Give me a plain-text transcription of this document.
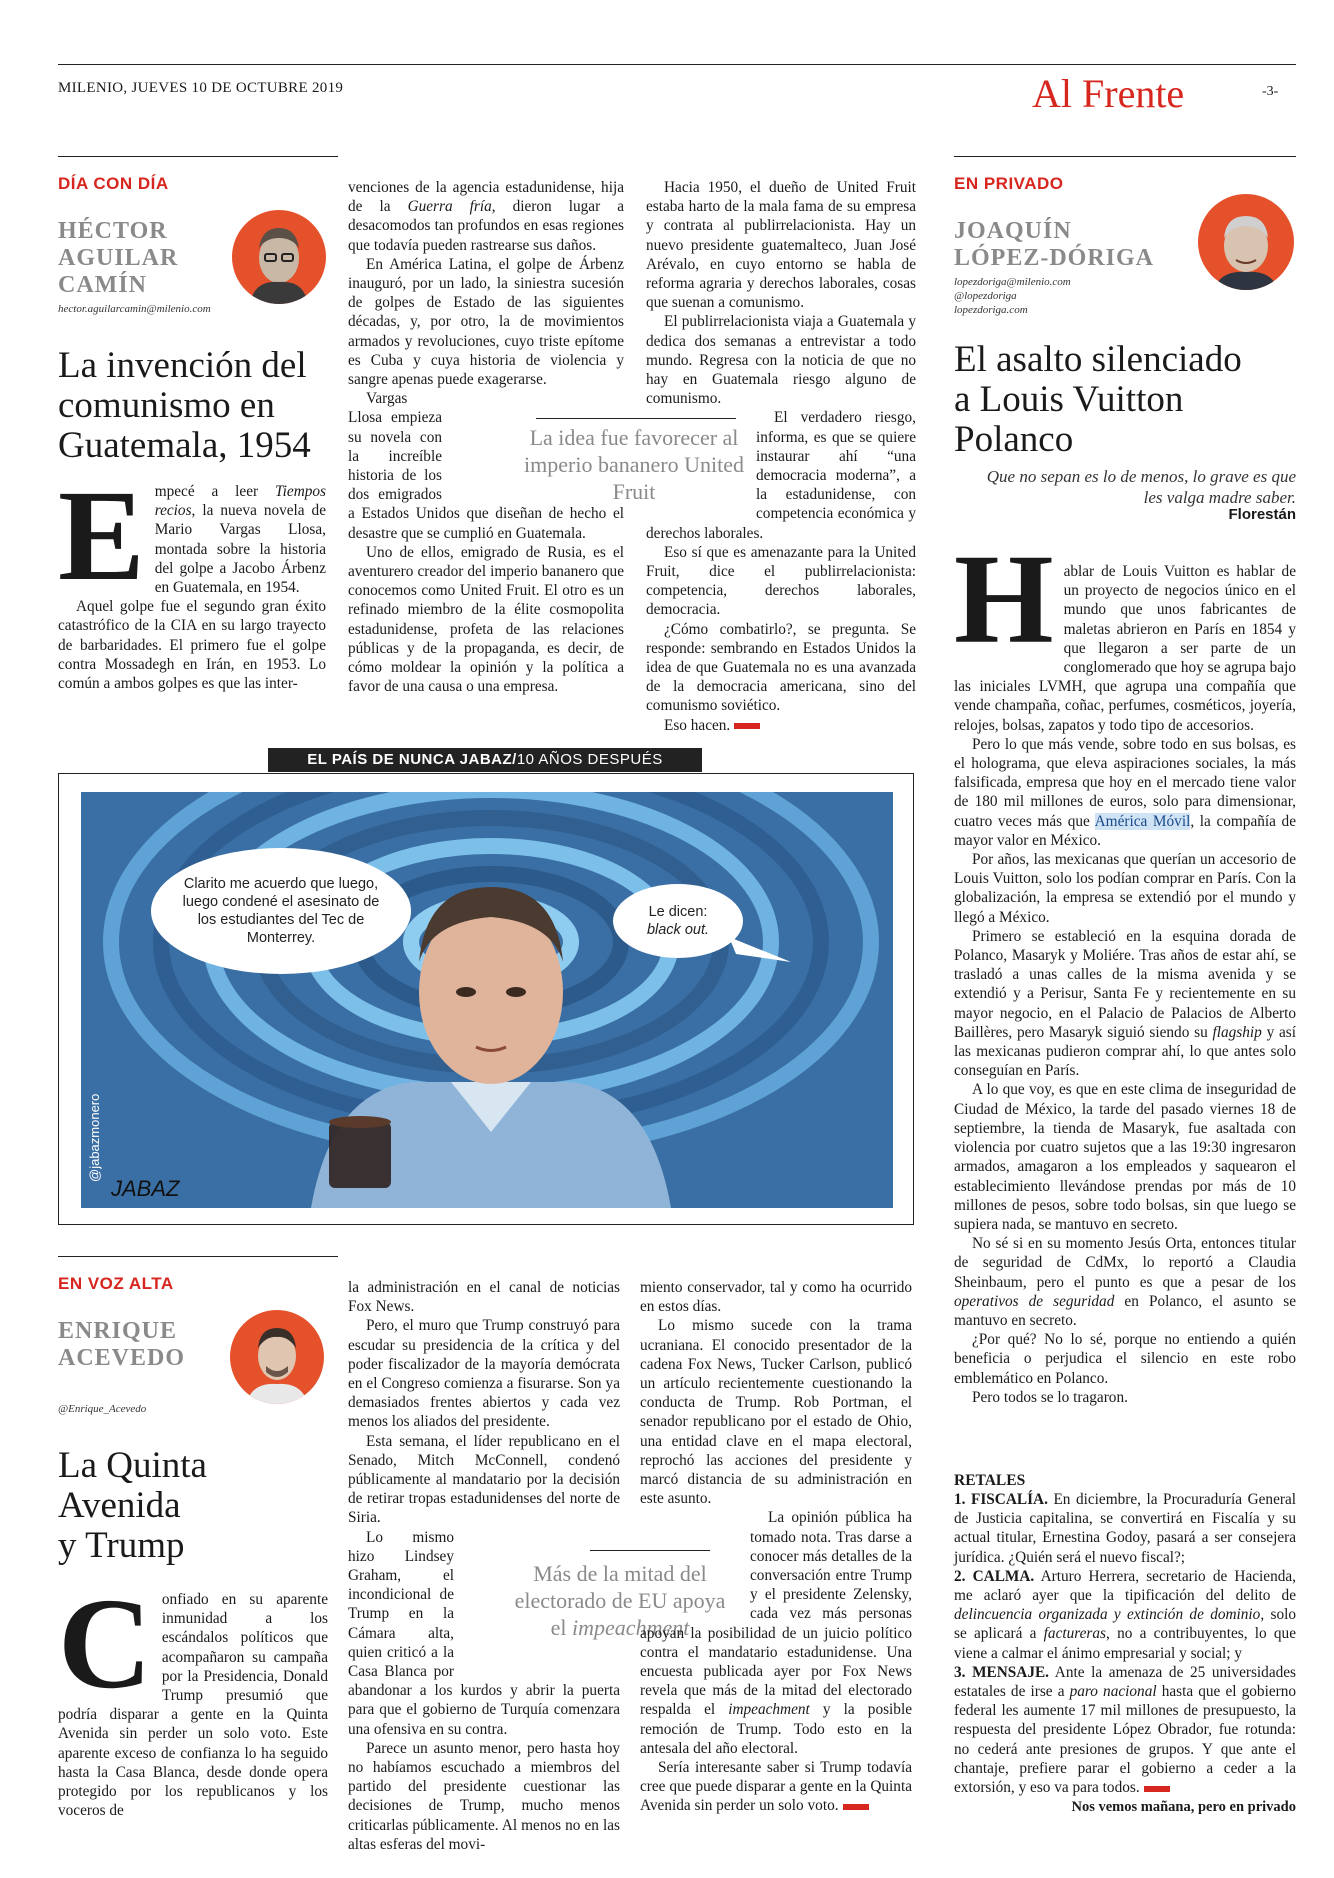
MILENIO, JUEVES 10 DE OCTUBRE 2019	Al Frente	-3-
DÍA CON DÍA
HÉCTOR
AGUILAR
CAMÍN
hector.aguilarcamin@milenio.com
La invención del
comunismo en
Guatemala, 1954
E mpecé a leer Tiempos recios, la nueva novela de Mario Vargas Llosa, montada sobre la historia del golpe a Jacobo Árbenz en Guatemala, en 1954.

Aquel golpe fue el segundo gran éxito catastrófico de la CIA en su largo trayecto de barbaridades. El primero fue el golpe contra Mossadegh en Irán, en 1953. Lo común a ambos golpes es que las inter-

venciones de la agencia estadunidense, hija de la Guerra fría, dieron lugar a desacomodos tan profundos en esas regiones que todavía pueden rastrearse sus daños.

En América Latina, el golpe de Árbenz inauguró, por un lado, la siniestra sucesión de golpes de Estado de las siguientes décadas, y, por otro, la de movimientos armados y revoluciones, cuyo triste epítome es Cuba y cuya historia de violencia y sangre apenas puede exagerarse.

Vargas Llosa empieza su novela con la increíble historia de los dos emigrados a Estados Unidos que diseñan de hecho el desastre que se cumplió en Guatemala.

Uno de ellos, emigrado de Rusia, es el aventurero creador del imperio bananero que conocemos como United Fruit. El otro es un refinado miembro de la élite cosmopolita estadunidense, profeta de las relaciones públicas y de la propaganda, es decir, de cómo moldear la opinión y la política a favor de una causa o una empresa.

La idea fue favorecer al imperio bananero United Fruit

Hacia 1950, el dueño de United Fruit estaba harto de la mala fama de su empresa y contrata al publirrelacionista. Hay un nuevo presidente guatemalteco, Juan José Arévalo, en cuyo entorno se habla de reforma agraria y derechos laborales, cosas que suenan a comunismo.

El publirrelacionista viaja a Guatemala y dedica dos semanas a entrevistar a todo mundo. Regresa con la noticia de que no hay en Guatemala riesgo alguno de comunismo.

El verdadero riesgo, informa, es que se quiere instaurar ahí “una democracia moderna”, a la estadunidense, con competencia económica y derechos laborales.

Eso sí que es amenazante para la United Fruit, dice el publirrelacionista: competencia, derechos laborales, democracia.

¿Cómo combatirlo?, se pregunta. Se responde: sembrando en Estados Unidos la idea de que Guatemala no es una avanzada de la democracia americana, sino del comunismo soviético.

Eso hacen.

EL PAÍS DE NUNCA JABAZ/10 AÑOS DESPUÉS
JABAZ
Clarito me acuerdo que luego, luego condené el asesinato de los estudiantes del Tec de Monterrey.
Le dicen:
black out.
@jabazmonero
EN PRIVADO
JOAQUÍN
LÓPEZ-DÓRIGA
lopezdoriga@milenio.com
@lopezdoriga
lopezdoriga.com
El asalto silenciado
a Louis Vuitton
Polanco
Que no sepan es lo de menos, lo grave es que les valga madre saber.
Florestán
H ablar de Louis Vuitton es hablar de un proyecto de negocios único en el mundo que unos fabricantes de maletas abrieron en París en 1854 y que llegaron a ser parte de un conglomerado que hoy se agrupa bajo las iniciales LVMH, que agrupa una compañía que vende champaña, coñac, perfumes, cosméticos, joyería, relojes, bolsas, zapatos y todo tipo de accesorios.

Pero lo que más vende, sobre todo en sus bolsas, es el holograma, que eleva aspiraciones sociales, la más falsificada, empresa que hoy en el mercado tiene valor de 180 mil millones de euros, solo para dimensionar, cuatro veces más que América Móvil, la compañía de mayor valor en México.

Por años, las mexicanas que querían un accesorio de Louis Vuitton, solo los podían comprar en París. Con la globalización, la empresa se extendió por el mundo y llegó a México.

Primero se estableció en la esquina dorada de Polanco, Masaryk y Moliére. Tras años de estar ahí, se trasladó a unas calles de la misma avenida y se extendió y a Perisur, Santa Fe y recientemente en su mayor negocio, en el Palacio de Palacios de Alberto Baillères, pero Masaryk siguió siendo su flagship y así las mexicanas pudieron comprar ahí, lo que antes solo conseguían en París.

A lo que voy, es que en este clima de inseguridad de Ciudad de México, la tarde del pasado viernes 18 de septiembre, la tienda de Masaryk, fue asaltada con violencia por cuatro sujetos que a las 19:30 ingresaron armados, amagaron a los empleados y saquearon el establecimiento llevándose prendas por más de 10 millones de pesos, sobre todo bolsas, sin que luego se supiera nada, se mantuvo en secreto.

No sé si en su momento Jesús Orta, entonces titular de seguridad de CdMx, lo reportó a Claudia Sheinbaum, pero el punto es que a pesar de los operativos de seguridad en Polanco, el asunto se mantuvo en secreto.

¿Por qué? No lo sé, porque no entiendo a quién beneficia o perjudica el silencio en este robo emblemático en Polanco.

Pero todos se lo tragaron.

RETALES

1. FISCALÍA. En diciembre, la Procuraduría General de Justicia capitalina, se convertirá en Fiscalía y su actual titular, Ernestina Godoy, pasará a ser consejera jurídica. ¿Quién será el nuevo fiscal?;

2. CALMA. Arturo Herrera, secretario de Hacienda, me aclaró ayer que la tipificación del delito de delincuencia organizada y extinción de dominio, solo se aplicará a factureras, no a contribuyentes, lo que viene a calmar el ánimo empresarial y social; y

3. MENSAJE. Ante la amenaza de 25 universidades estatales de irse a paro nacional hasta que el gobierno federal les aumente 17 mil millones de presupuesto, la respuesta del presidente López Obrador, fue rotunda: no cederá ante presiones de grupos. Y que ante el chantaje, prefiere parar el gobierno a ceder a la extorsión, y eso va para todos.

Nos vemos mañana, pero en privado
EN VOZ ALTA
ENRIQUE
ACEVEDO
@Enrique_Acevedo
La Quinta
Avenida
y Trump
C onfiado en su aparente inmunidad a los escándalos políticos que acompañaron su campaña por la Presidencia, Donald Trump presumió que podría disparar a gente en la Quinta Avenida sin perder un solo voto. Este aparente exceso de confianza lo ha seguido hasta la Casa Blanca, desde donde opera protegido por los republicanos y los voceros de

la administración en el canal de noticias Fox News.

Pero, el muro que Trump construyó para escudar su presidencia de la crítica y del poder fiscalizador de la mayoría demócrata en el Congreso comienza a fisurarse. Son ya demasiados frentes abiertos y cada vez menos los aliados del presidente.

Esta semana, el líder republicano en el Senado, Mitch McConnell, condenó públicamente al mandatario por la decisión de retirar tropas estadunidenses del norte de Siria.

Lo mismo hizo Lindsey Graham, el incondicional de Trump en la Cámara alta, quien criticó a la Casa Blanca por abandonar a los kurdos y abrir la puerta para que el gobierno de Turquía comenzara una ofensiva en su contra.

Parece un asunto menor, pero hasta hoy no habíamos escuchado a miembros del partido del presidente cuestionar las decisiones de Trump, mucho menos criticarlas públicamente. Al menos no en las altas esferas del movi-

Más de la mitad del electorado de EU apoya el impeachment

miento conservador, tal y como ha ocurrido en estos días.

Lo mismo sucede con la trama ucraniana. El conocido presentador de la cadena Fox News, Tucker Carlson, publicó un artículo recientemente cuestionando la conducta de Trump. Rob Portman, el senador republicano por el estado de Ohio, una entidad clave en el mapa electoral, reprochó las acciones del presidente y marcó distancia de su administración en este asunto.

La opinión pública ha tomado nota. Tras darse a conocer más detalles de la conversación entre Trump y el presidente Zelensky, cada vez más personas apoyan la posibilidad de un juicio político contra el mandatario estadunidense. Una encuesta publicada ayer por Fox News revela que más de la mitad del electorado respalda el impeachment y la posible remoción de Trump. Todo esto en la antesala del año electoral.

Sería interesante saber si Trump todavía cree que puede disparar a gente en la Quinta Avenida sin perder un solo voto.
